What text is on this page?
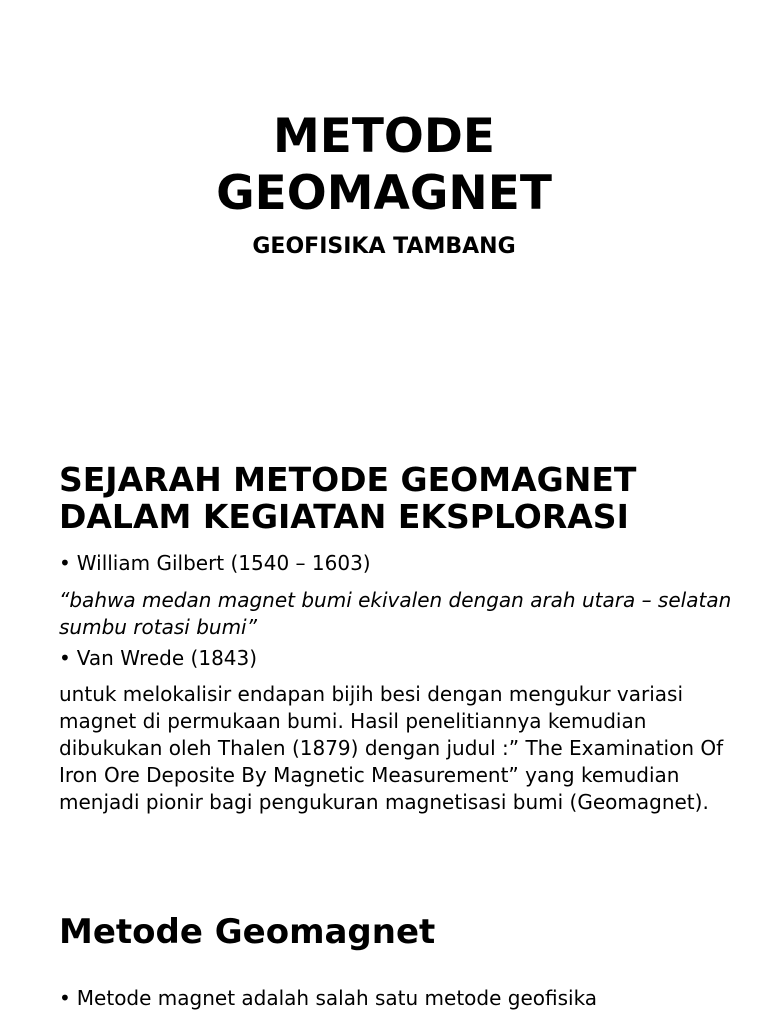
METODE
GEOMAGNET

GEOFISIKA TAMBANG

SEJARAH METODE GEOMAGNET
DALAM KEGIATAN EKSPLORASI

• William Gilbert (1540 – 1603)

“bahwa medan magnet bumi ekivalen dengan arah utara – selatan sumbu rotasi bumi”

• Van Wrede (1843)

untuk melokalisir endapan bijih besi dengan mengukur variasi magnet di permukaan bumi. Hasil penelitiannya kemudian dibukukan oleh Thalen (1879) dengan judul :” The Examination Of Iron Ore Deposite By Magnetic Measurement” yang kemudian menjadi pionir bagi pengukuran magnetisasi bumi (Geomagnet).

Metode Geomagnet

• Metode magnet adalah salah satu metode geofisika
